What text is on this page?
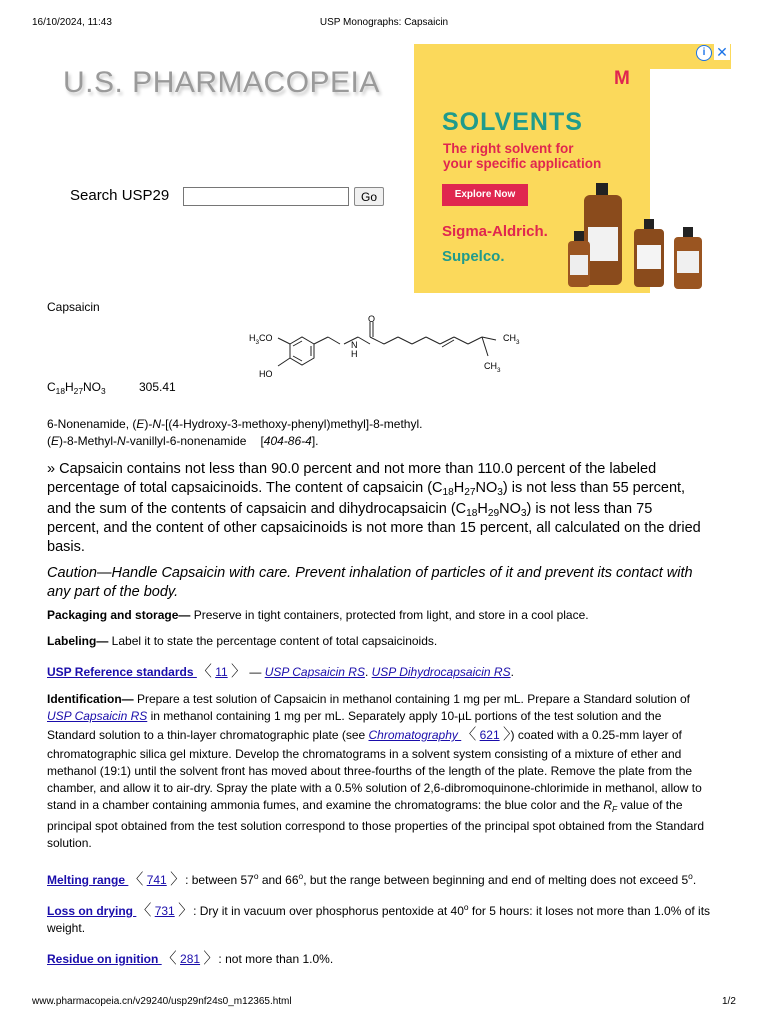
16/10/2024, 11:43	USP Monographs: Capsaicin
U.S. PHARMACOPEIA
Search USP29	Go
M
i ✕
SOLVENTS
The right solvent for
your specific application
Explore Now
Sigma-Aldrich.
Supelco.
Capsaicin
$H_3CO$
HO
O
N
H
$CH_3$
$CH_3$
$C_{18}H_{27}NO_3$	305.41
6-Nonenamide, (E)-N-[(4-Hydroxy-3-methoxy-phenyl)methyl]-8-methyl.
(E)-8-Methyl-N-vanillyl-6-nonenamide [404-86-4].
» Capsaicin contains not less than 90.0 percent and not more than 110.0 percent of the labeled
percentage of total capsaicinoids. The content of capsaicin $(C_{18}H_{27}NO_3)$ is not less than 55 percent,
and the sum of the contents of capsaicin and dihydrocapsaicin $(C_{18}H_{29}NO_3)$ is not less than 75
percent, and the content of other capsaicinoids is not more than 15 percent, all calculated on the dried
basis.
Caution—Handle Capsaicin with care. Prevent inhalation of particles of it and prevent its contact with
any part of the body.
Packaging and storage— Preserve in tight containers, protected from light, and store in a cool place.
Labeling— Label it to state the percentage content of total capsaicinoids.
USP Reference standards 〈 11 〉 — USP Capsaicin RS. USP Dihydrocapsaicin RS.
Identification— Prepare a test solution of Capsaicin in methanol containing 1 mg per mL. Prepare a Standard solution of
USP Capsaicin RS in methanol containing 1 mg per mL. Separately apply 10-µL portions of the test solution and the
Standard solution to a thin-layer chromatographic plate (see Chromatography 〈 621 〉) coated with a 0.25-mm layer of
chromatographic silica gel mixture. Develop the chromatograms in a solvent system consisting of a mixture of ether and
methanol (19:1) until the solvent front has moved about three-fourths of the length of the plate. Remove the plate from the
chamber, and allow it to air-dry. Spray the plate with a 0.5% solution of 2,6-dibromoquinone-chlorimide in methanol, allow to
stand in a chamber containing ammonia fumes, and examine the chromatograms: the blue color and the $R_F$ value of the
principal spot obtained from the test solution correspond to those properties of the principal spot obtained from the Standard
solution.
Melting range 〈 741 〉: between 57$^o$ and 66$^o$, but the range between beginning and end of melting does not exceed 5$^o$.
Loss on drying 〈 731 〉: Dry it in vacuum over phosphorus pentoxide at 40$^o$ for 5 hours: it loses not more than 1.0% of its
weight.
Residue on ignition 〈 281 〉: not more than 1.0%.
www.pharmacopeia.cn/v29240/usp29nf24s0_m12365.html	1/2
